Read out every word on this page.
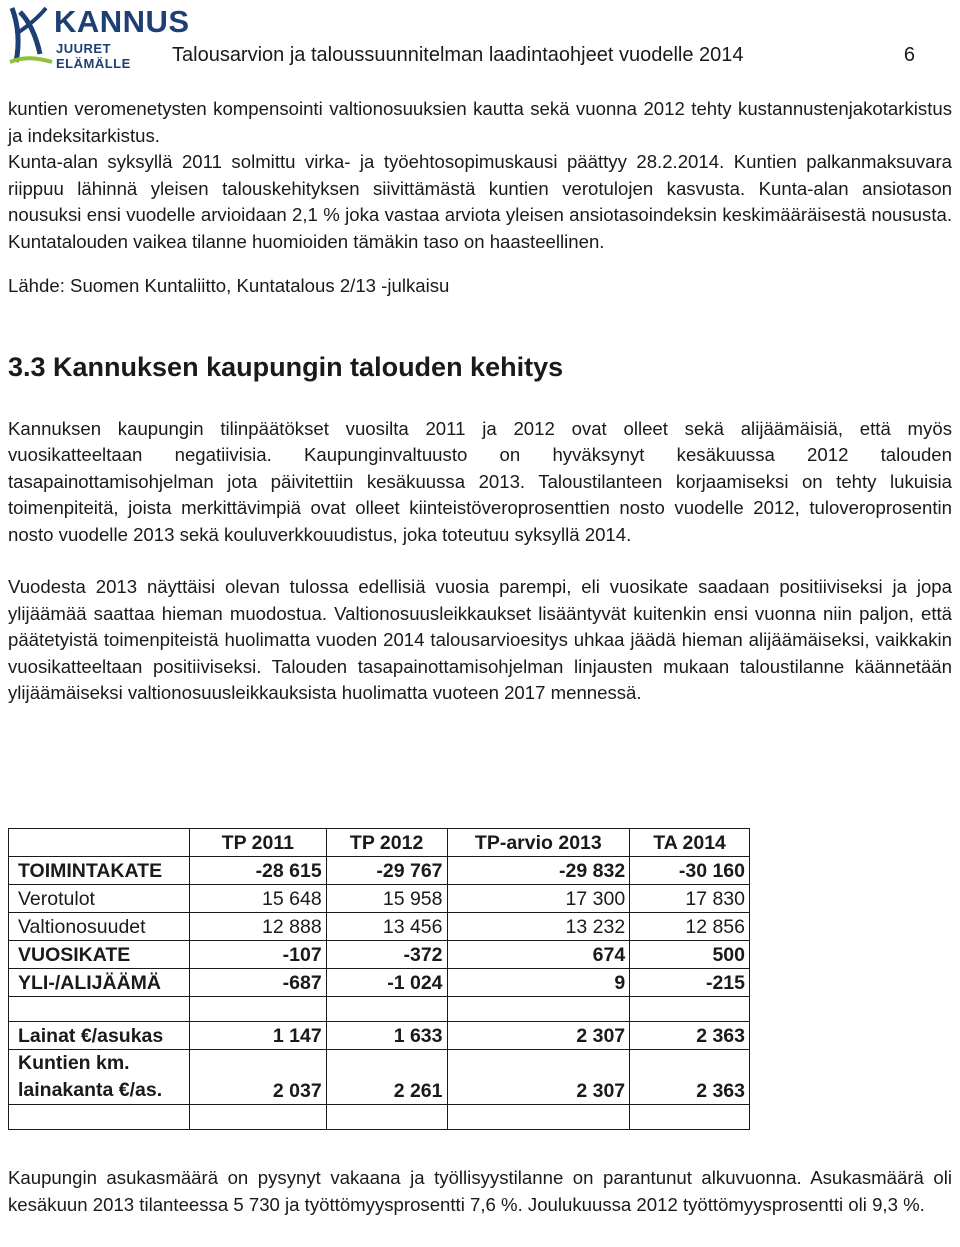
KANNUS
JUURET ELÄMÄLLE	Talousarvion ja taloussuunnitelman laadintaohjeet vuodelle 2014	6

kuntien veromenetysten kompensointi valtionosuuksien kautta sekä vuonna 2012 tehty kustannustenjakotarkistus ja indeksitarkistus.

Kunta-alan syksyllä 2011 solmittu virka- ja työehtosopimuskausi päättyy 28.2.2014. Kuntien palkanmaksuvara riippuu lähinnä yleisen talouskehityksen siivittämästä kuntien verotulojen kasvusta. Kunta-alan ansiotason nousuksi ensi vuodelle arvioidaan 2,1 % joka vastaa arviota yleisen ansiotasoindeksin keskimääräisestä noususta. Kuntatalouden vaikea tilanne huomioiden tämäkin taso on haasteellinen.

Lähde: Suomen Kuntaliitto, Kuntatalous 2/13 -julkaisu

3.3 Kannuksen kaupungin talouden kehitys

Kannuksen kaupungin tilinpäätökset vuosilta 2011 ja 2012 ovat olleet sekä alijäämäisiä, että myös vuosikatteeltaan negatiivisia. Kaupunginvaltuusto on hyväksynyt kesäkuussa 2012 talouden tasapainottamisohjelman jota päivitettiin kesäkuussa 2013. Taloustilanteen korjaamiseksi on tehty lukuisia toimenpiteitä, joista merkittävimpiä ovat olleet kiinteistöveroprosenttien nosto vuodelle 2012, tuloveroprosentin nosto vuodelle 2013 sekä kouluverkkouudistus, joka toteutuu syksyllä 2014.

Vuodesta 2013 näyttäisi olevan tulossa edellisiä vuosia parempi, eli vuosikate saadaan positiiviseksi ja jopa ylijäämää saattaa hieman muodostua. Valtionosuusleikkaukset lisääntyvät kuitenkin ensi vuonna niin paljon, että päätetyistä toimenpiteistä huolimatta vuoden 2014 talousarvioesitys uhkaa jäädä hieman alijäämäiseksi, vaikkakin vuosikatteeltaan positiiviseksi. Talouden tasapainottamisohjelman linjausten mukaan taloustilanne käännetään ylijäämäiseksi valtionosuusleikkauksista huolimatta vuoteen 2017 mennessä.

	TP 2011	TP 2012	TP-arvio 2013	TA 2014
TOIMINTAKATE	-28 615	-29 767	-29 832	-30 160
Verotulot	15 648	15 958	17 300	17 830
Valtionosuudet	12 888	13 456	13 232	12 856
VUOSIKATE	-107	-372	674	500
YLI-/ALIJÄÄMÄ	-687	-1 024	9	-215

Lainat €/asukas	1 147	1 633	2 307	2 363

Kuntien km.
lainakanta €/as.	2 037	2 261	2 307	2 363

Kaupungin asukasmäärä on pysynyt vakaana ja työllisyystilanne on parantunut alkuvuonna. Asukasmäärä oli kesäkuun 2013 tilanteessa 5 730 ja työttömyysprosentti 7,6 %. Joulukuussa 2012 työttömyysprosentti oli 9,3 %.
